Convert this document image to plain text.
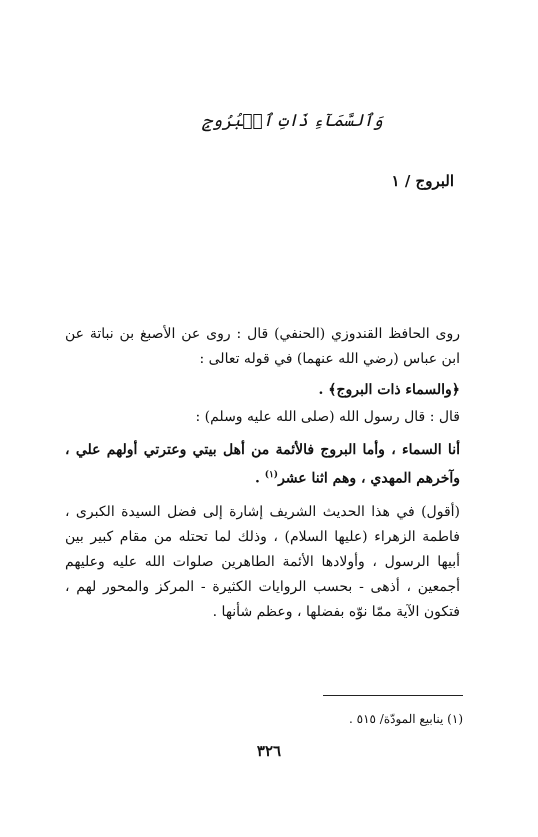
وَٱلسَّمَآءِ ذَاتِ ٱلۡبُرُوجِ
البروج / ١

روى الحافظ القندوزي (الحنفي) قال : روى عن الأصبغ بن نباتة عن ابن عباس (رضي الله عنهما) في قوله تعالى :

﴿والسماء ذات البروج﴾ .

قال : قال رسول الله (صلى الله عليه وسلم) :

أنا السماء ، وأما البروج فالأئمة من أهل بيتي وعترتي أولهم علي ، وآخرهم المهدي ، وهم اثنا عشر$^{(١)}$ .

(أقول) في هذا الحديث الشريف إشارة إلى فضل السيدة الكبرى ، فاطمة الزهراء (عليها السلام) ، وذلك لما تحتله من مقام كبير بين أبيها الرسول ، وأولادها الأئمة الطاهرين صلوات الله عليه وعليهم أجمعين ، أذهى - بحسب الروايات الكثيرة - المركز والمحور لهم ، فتكون الآية ممّا نوّه بفضلها ، وعظم شأنها .

(١) ينابيع المودّة/ ٥١٥ .
٣٢٦
